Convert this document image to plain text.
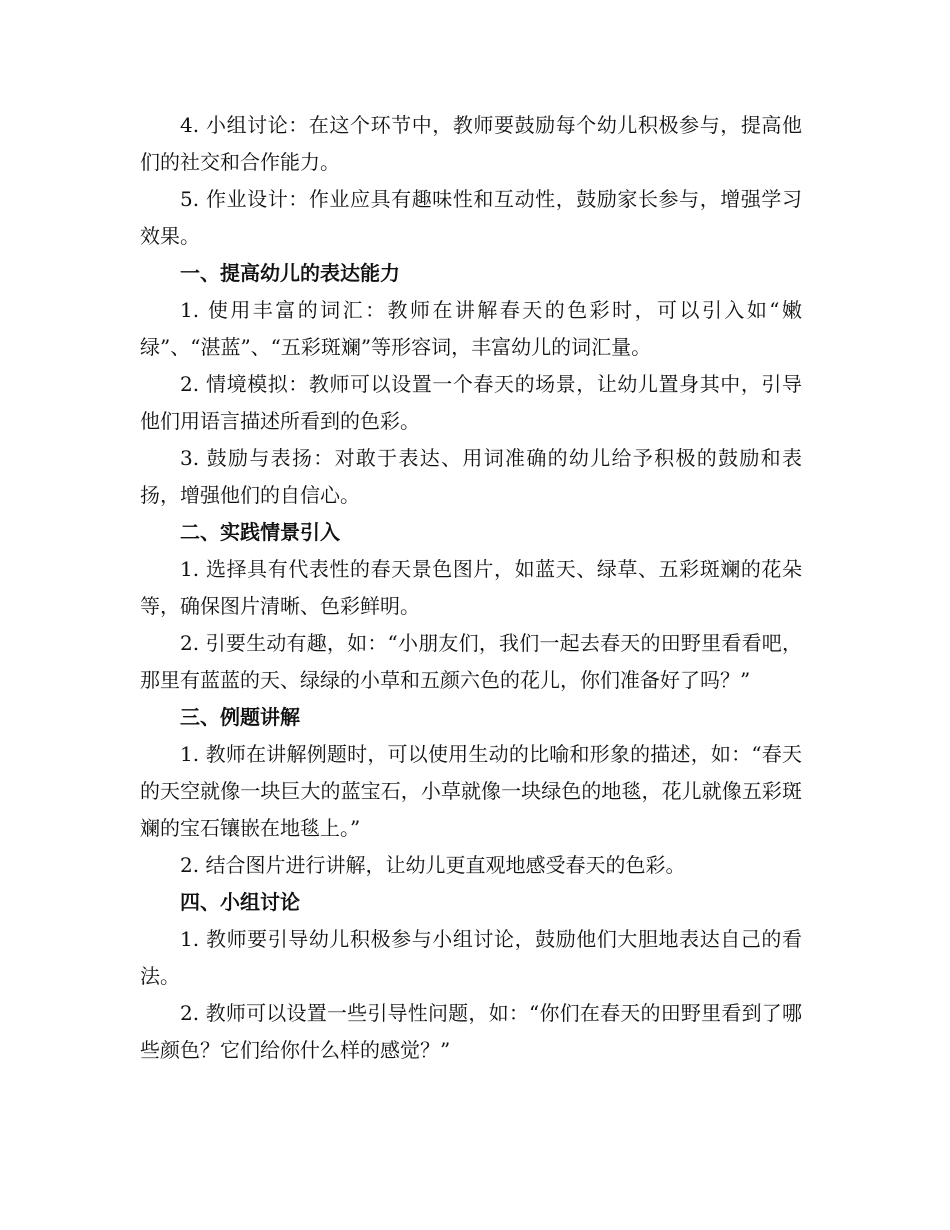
4. 小组讨论：在这个环节中，教师要鼓励每个幼儿积极参与，提高他们的社交和合作能力。

5. 作业设计：作业应具有趣味性和互动性，鼓励家长参与，增强学习效果。

一、提高幼儿的表达能力

1. 使用丰富的词汇：教师在讲解春天的色彩时，可以引入如“嫩绿”、“湛蓝”、“五彩斑斓”等形容词，丰富幼儿的词汇量。

2. 情境模拟：教师可以设置一个春天的场景，让幼儿置身其中，引导他们用语言描述所看到的色彩。

3. 鼓励与表扬：对敢于表达、用词准确的幼儿给予积极的鼓励和表扬，增强他们的自信心。

二、实践情景引入

1. 选择具有代表性的春天景色图片，如蓝天、绿草、五彩斑斓的花朵等，确保图片清晰、色彩鲜明。

2. 引要生动有趣，如：“小朋友们，我们一起去春天的田野里看看吧，那里有蓝蓝的天、绿绿的小草和五颜六色的花儿，你们准备好了吗？”

三、例题讲解

1. 教师在讲解例题时，可以使用生动的比喻和形象的描述，如：“春天的天空就像一块巨大的蓝宝石，小草就像一块绿色的地毯，花儿就像五彩斑斓的宝石镶嵌在地毯上。”

2. 结合图片进行讲解，让幼儿更直观地感受春天的色彩。

四、小组讨论

1. 教师要引导幼儿积极参与小组讨论，鼓励他们大胆地表达自己的看法。

2. 教师可以设置一些引导性问题，如：“你们在春天的田野里看到了哪些颜色？它们给你什么样的感觉？”
